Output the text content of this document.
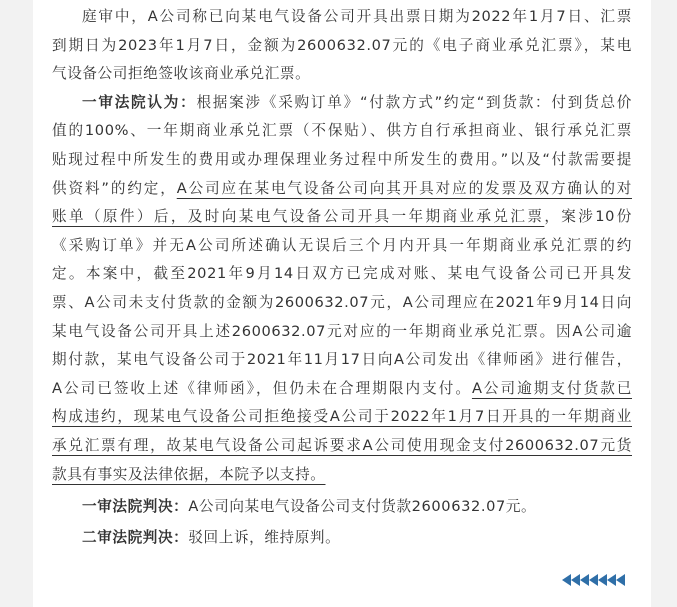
庭审中，A公司称已向某电气设备公司开具出票日期为2022年1月7日、汇票
到期日为2023年1月7日，金额为2600632.07元的《电子商业承兑汇票》，某电
气设备公司拒绝签收该商业承兑汇票。
一审法院认为：根据案涉《采购订单》“付款方式”约定“到货款：付到货总价
值的100%、一年期商业承兑汇票（不保贴）、供方自行承担商业、银行承兑汇票
贴现过程中所发生的费用或办理保理业务过程中所发生的费用。”以及“付款需要提
供资料”的约定，A公司应在某电气设备公司向其开具对应的发票及双方确认的对
账单（原件）后，及时向某电气设备公司开具一年期商业承兑汇票，案涉10份
《采购订单》并无A公司所述确认无误后三个月内开具一年期商业承兑汇票的约
定。本案中，截至2021年9月14日双方已完成对账、某电气设备公司已开具发
票、A公司未支付货款的金额为2600632.07元，A公司理应在2021年9月14日向
某电气设备公司开具上述2600632.07元对应的一年期商业承兑汇票。因A公司逾
期付款，某电气设备公司于2021年11月17日向A公司发出《律师函》进行催告，
A公司已签收上述《律师函》，但仍未在合理期限内支付。A公司逾期支付货款已
构成违约，现某电气设备公司拒绝接受A公司于2022年1月7日开具的一年期商业
承兑汇票有理，故某电气设备公司起诉要求A公司使用现金支付2600632.07元货
款具有事实及法律依据，本院予以支持。
一审法院判决：A公司向某电气设备公司支付货款2600632.07元。
二审法院判决：驳回上诉，维持原判。
